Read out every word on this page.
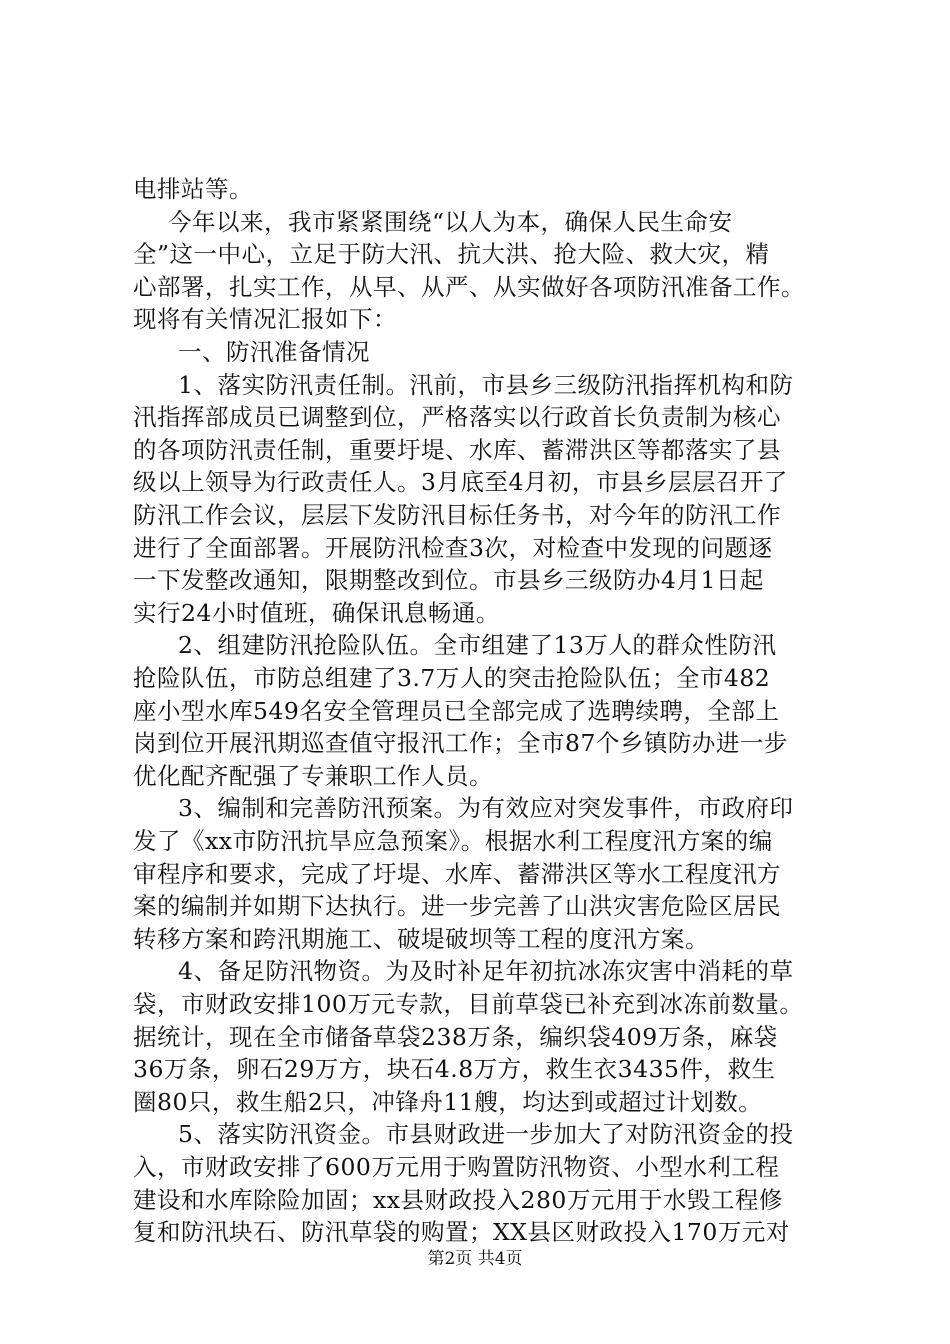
电排站等。
今年以来，我市紧紧围绕“以人为本，确保人民生命安
全”这一中心，立足于防大汛、抗大洪、抢大险、救大灾，精
心部署，扎实工作，从早、从严、从实做好各项防汛准备工作。
现将有关情况汇报如下：
一、防汛准备情况
1、落实防汛责任制。汛前，市县乡三级防汛指挥机构和防
汛指挥部成员已调整到位，严格落实以行政首长负责制为核心
的各项防汛责任制，重要圩堤、水库、蓄滞洪区等都落实了县
级以上领导为行政责任人。3月底至4月初，市县乡层层召开了
防汛工作会议，层层下发防汛目标任务书，对今年的防汛工作
进行了全面部署。开展防汛检查3次，对检查中发现的问题逐
一下发整改通知，限期整改到位。市县乡三级防办4月1日起
实行24小时值班，确保讯息畅通。
2、组建防汛抢险队伍。全市组建了13万人的群众性防汛
抢险队伍，市防总组建了3.7万人的突击抢险队伍；全市482
座小型水库549名安全管理员已全部完成了选聘续聘，全部上
岗到位开展汛期巡查值守报汛工作；全市87个乡镇防办进一步
优化配齐配强了专兼职工作人员。
3、编制和完善防汛预案。为有效应对突发事件，市政府印
发了《xx市防汛抗旱应急预案》。根据水利工程度汛方案的编
审程序和要求，完成了圩堤、水库、蓄滞洪区等水工程度汛方
案的编制并如期下达执行。进一步完善了山洪灾害危险区居民
转移方案和跨汛期施工、破堤破坝等工程的度汛方案。
4、备足防汛物资。为及时补足年初抗冰冻灾害中消耗的草
袋，市财政安排100万元专款，目前草袋已补充到冰冻前数量。
据统计，现在全市储备草袋238万条，编织袋409万条，麻袋
36万条，卵石29万方，块石4.8万方，救生衣3435件，救生
圈80只，救生船2只，冲锋舟11艘，均达到或超过计划数。
5、落实防汛资金。市县财政进一步加大了对防汛资金的投
入，市财政安排了600万元用于购置防汛物资、小型水利工程
建设和水库除险加固；xx县财政投入280万元用于水毁工程修
复和防汛块石、防汛草袋的购置；XX县区财政投入170万元对
第2页 共4页
